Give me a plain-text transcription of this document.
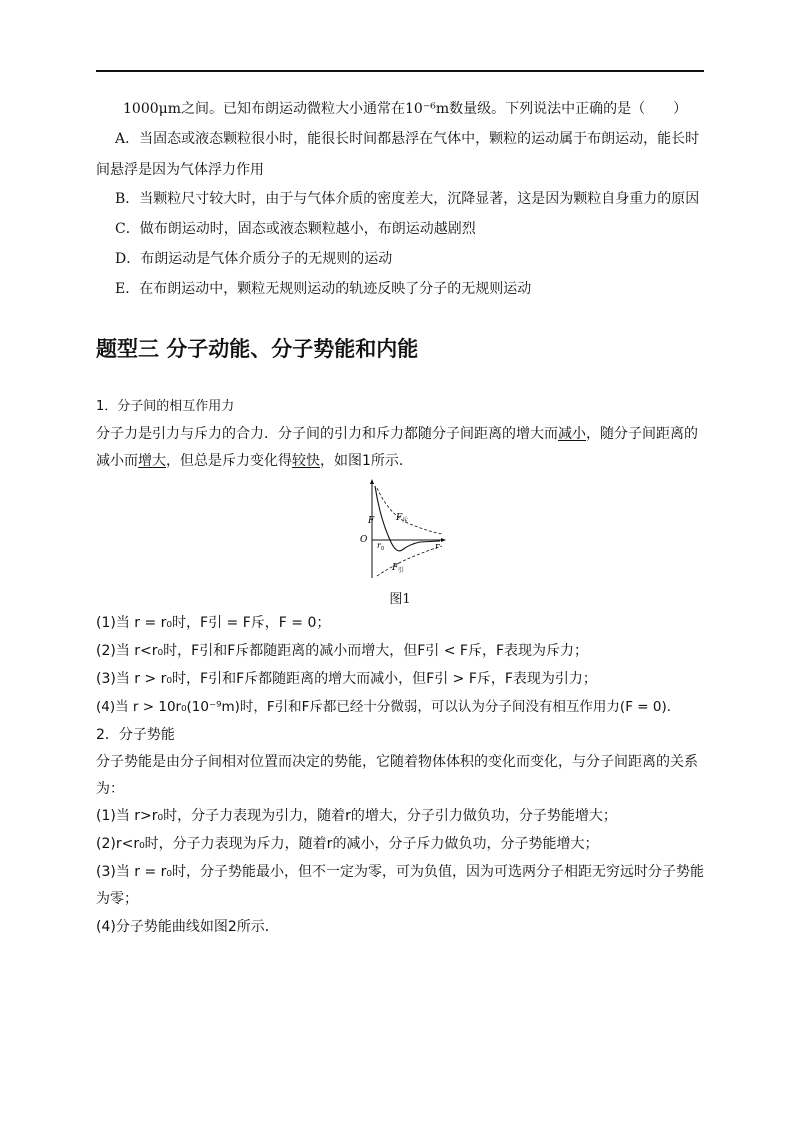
1000μm之间。已知布朗运动微粒大小通常在10⁻⁶m数量级。下列说法中正确的是（　　）
A．当固态或液态颗粒很小时，能很长时间都悬浮在气体中，颗粒的运动属于布朗运动，能长时
间悬浮是因为气体浮力作用
B．当颗粒尺寸较大时，由于与气体介质的密度差大，沉降显著，这是因为颗粒自身重力的原因
C．做布朗运动时，固态或液态颗粒越小，布朗运动越剧烈
D．布朗运动是气体介质分子的无规则的运动
E．在布朗运动中，颗粒无规则运动的轨迹反映了分子的无规则运动
题型三 分子动能、分子势能和内能
1．分子间的相互作用力
分子力是引力与斥力的合力．分子间的引力和斥力都随分子间距离的增大而减小，随分子间距离的
减小而增大，但总是斥力变化得较快，如图1所示．
F F 斥
F 引
O
r 0	r
图1
(1)当 r = r₀时，F引 = F斥，F = 0；
(2)当 r<r₀时，F引和F斥都随距离的减小而增大，但F引 < F斥，F表现为斥力；
(3)当 r > r₀时，F引和F斥都随距离的增大而减小，但F引 > F斥，F表现为引力；
(4)当 r > 10r₀(10⁻⁹m)时，F引和F斥都已经十分微弱，可以认为分子间没有相互作用力(F = 0)．
2．分子势能
分子势能是由分子间相对位置而决定的势能，它随着物体体积的变化而变化，与分子间距离的关系
为：
(1)当 r>r₀时，分子力表现为引力，随着r的增大，分子引力做负功，分子势能增大；
(2)r<r₀时，分子力表现为斥力，随着r的减小，分子斥力做负功，分子势能增大；
(3)当 r = r₀时，分子势能最小，但不一定为零，可为负值，因为可选两分子相距无穷远时分子势能
为零；
(4)分子势能曲线如图2所示．
